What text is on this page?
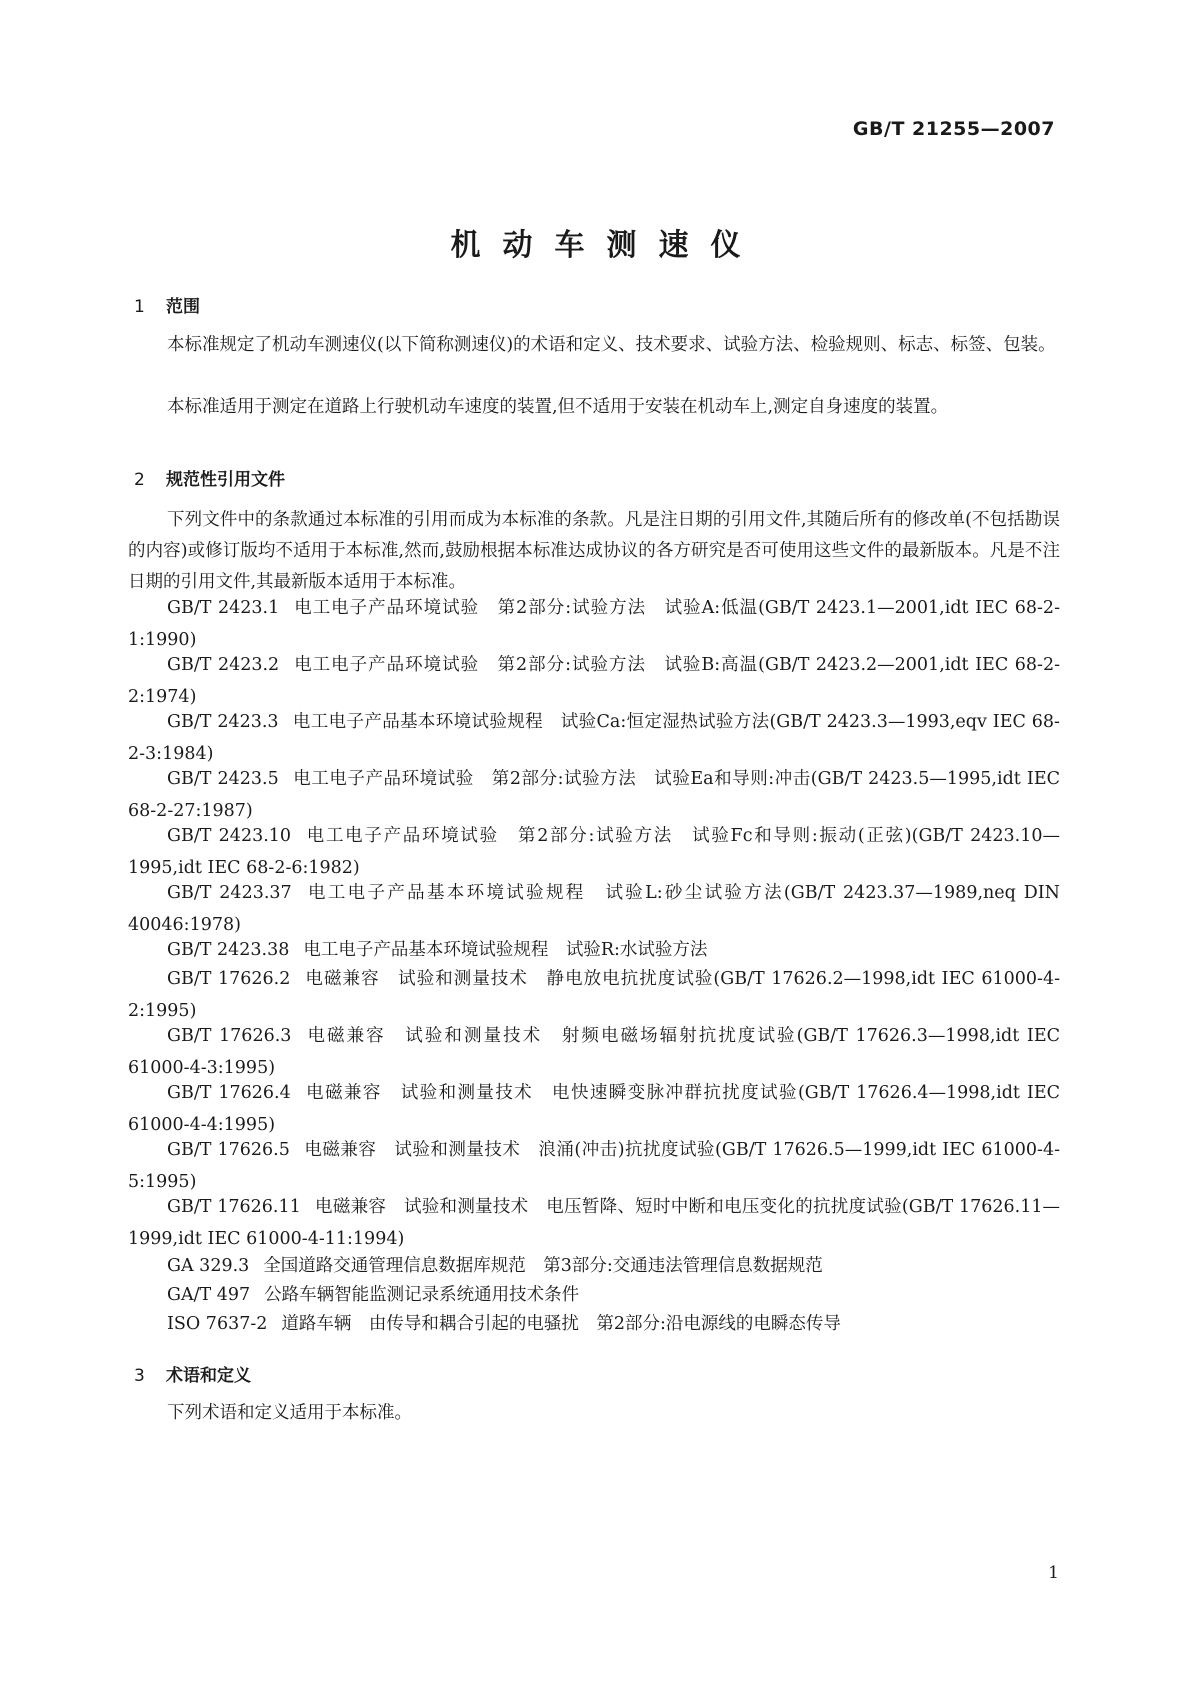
GB/T 21255—2007
机动车测速仪
1 范围

本标准规定了机动车测速仪(以下简称测速仪)的术语和定义、技术要求、试验方法、检验规则、标志、标签、包装。

本标准适用于测定在道路上行驶机动车速度的装置,但不适用于安装在机动车上,测定自身速度的装置。

2 规范性引用文件

下列文件中的条款通过本标准的引用而成为本标准的条款。凡是注日期的引用文件,其随后所有的修改单(不包括勘误的内容)或修订版均不适用于本标准,然而,鼓励根据本标准达成协议的各方研究是否可使用这些文件的最新版本。凡是不注日期的引用文件,其最新版本适用于本标准。

GB/T 2423.1 电工电子产品环境试验　第2部分:试验方法　试验A:低温(GB/T 2423.1—2001,idt IEC 68-2-1:1990)
GB/T 2423.2 电工电子产品环境试验　第2部分:试验方法　试验B:高温(GB/T 2423.2—2001,idt IEC 68-2-2:1974)
GB/T 2423.3 电工电子产品基本环境试验规程　试验Ca:恒定湿热试验方法(GB/T 2423.3—1993,eqv IEC 68-2-3:1984)
GB/T 2423.5 电工电子产品环境试验　第2部分:试验方法　试验Ea和导则:冲击(GB/T 2423.5—1995,idt IEC 68-2-27:1987)
GB/T 2423.10 电工电子产品环境试验　第2部分:试验方法　试验Fc和导则:振动(正弦)(GB/T 2423.10—1995,idt IEC 68-2-6:1982)
GB/T 2423.37 电工电子产品基本环境试验规程　试验L:砂尘试验方法(GB/T 2423.37—1989,neq DIN 40046:1978)
GB/T 2423.38 电工电子产品基本环境试验规程　试验R:水试验方法
GB/T 17626.2 电磁兼容　试验和测量技术　静电放电抗扰度试验(GB/T 17626.2—1998,idt IEC 61000-4-2:1995)
GB/T 17626.3 电磁兼容　试验和测量技术　射频电磁场辐射抗扰度试验(GB/T 17626.3—1998,idt IEC 61000-4-3:1995)
GB/T 17626.4 电磁兼容　试验和测量技术　电快速瞬变脉冲群抗扰度试验(GB/T 17626.4—1998,idt IEC 61000-4-4:1995)
GB/T 17626.5 电磁兼容　试验和测量技术　浪涌(冲击)抗扰度试验(GB/T 17626.5—1999,idt IEC 61000-4-5:1995)
GB/T 17626.11 电磁兼容　试验和测量技术　电压暂降、短时中断和电压变化的抗扰度试验(GB/T 17626.11—1999,idt IEC 61000-4-11:1994)
GA 329.3 全国道路交通管理信息数据库规范　第3部分:交通违法管理信息数据规范
GA/T 497 公路车辆智能监测记录系统通用技术条件
ISO 7637-2 道路车辆　由传导和耦合引起的电骚扰　第2部分:沿电源线的电瞬态传导
3 术语和定义

下列术语和定义适用于本标准。

1
